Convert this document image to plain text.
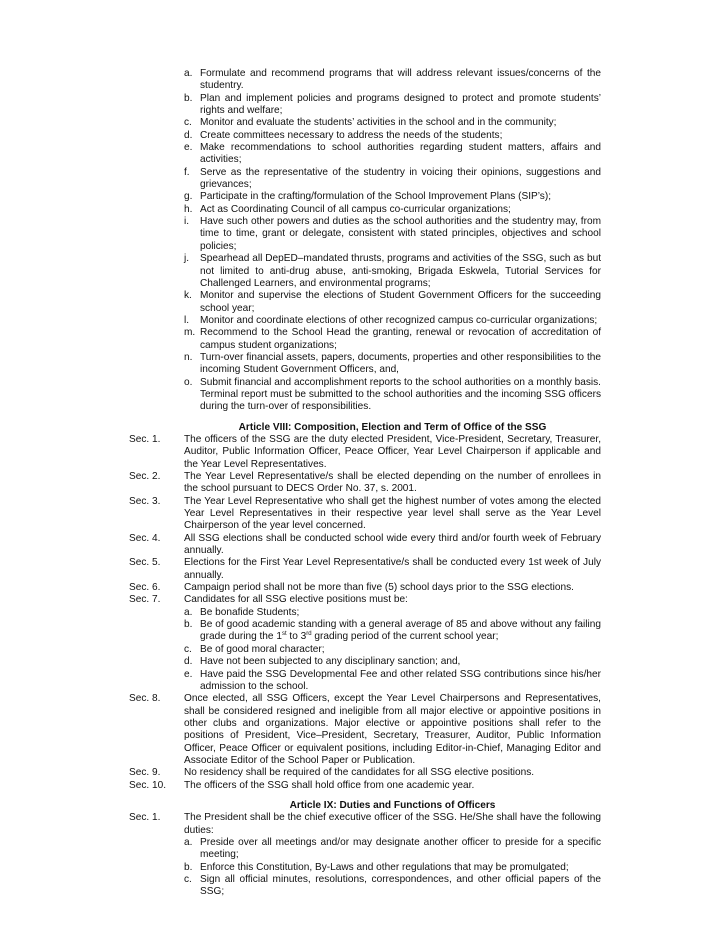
a. Formulate and recommend programs that will address relevant issues/concerns of the studentry.
b. Plan and implement policies and programs designed to protect and promote students’ rights and welfare;
c. Monitor and evaluate the students’ activities in the school and in the community;
d. Create committees necessary to address the needs of the students;
e. Make recommendations to school authorities regarding student matters, affairs and activities;
f. Serve as the representative of the studentry in voicing their opinions, suggestions and grievances;
g. Participate in the crafting/formulation of the School Improvement Plans (SIP’s);
h. Act as Coordinating Council of all campus co-curricular organizations;
i. Have such other powers and duties as the school authorities and the studentry may, from time to time, grant or delegate, consistent with stated principles, objectives and school policies;
j. Spearhead all DepED–mandated thrusts, programs and activities of the SSG, such as but not limited to anti-drug abuse, anti-smoking, Brigada Eskwela, Tutorial Services for Challenged Learners, and environmental programs;
k. Monitor and supervise the elections of Student Government Officers for the succeeding school year;
l. Monitor and coordinate elections of other recognized campus co-curricular organizations;
m. Recommend to the School Head the granting, renewal or revocation of accreditation of campus student organizations;
n. Turn-over financial assets, papers, documents, properties and other responsibilities to the incoming Student Government Officers, and,
o. Submit financial and accomplishment reports to the school authorities on a monthly basis. Terminal report must be submitted to the school authorities and the incoming SSG officers during the turn-over of responsibilities.
Article VIII: Composition, Election and Term of Office of the SSG
Sec. 1. The officers of the SSG are the duty elected President, Vice-President, Secretary, Treasurer, Auditor, Public Information Officer, Peace Officer, Year Level Chairperson if applicable and the Year Level Representatives.
Sec. 2. The Year Level Representative/s shall be elected depending on the number of enrollees in the school pursuant to DECS Order No. 37, s. 2001.
Sec. 3. The Year Level Representative who shall get the highest number of votes among the elected Year Level Representatives in their respective year level shall serve as the Year Level Chairperson of the year level concerned.
Sec. 4. All SSG elections shall be conducted school wide every third and/or fourth week of February annually.
Sec. 5. Elections for the First Year Level Representative/s shall be conducted every 1st week of July annually.
Sec. 6. Campaign period shall not be more than five (5) school days prior to the SSG elections.
Sec. 7. Candidates for all SSG elective positions must be:
a. Be bonafide Students;
b. Be of good academic standing with a general average of 85 and above without any failing grade during the 1st to 3rd grading period of the current school year;
c. Be of good moral character;
d. Have not been subjected to any disciplinary sanction; and,
e. Have paid the SSG Developmental Fee and other related SSG contributions since his/her admission to the school.
Sec. 8. Once elected, all SSG Officers, except the Year Level Chairpersons and Representatives, shall be considered resigned and ineligible from all major elective or appointive positions in other clubs and organizations. Major elective or appointive positions shall refer to the positions of President, Vice–President, Secretary, Treasurer, Auditor, Public Information Officer, Peace Officer or equivalent positions, including Editor-in-Chief, Managing Editor and Associate Editor of the School Paper or Publication.
Sec. 9. No residency shall be required of the candidates for all SSG elective positions.
Sec. 10. The officers of the SSG shall hold office from one academic year.
Article IX: Duties and Functions of Officers
Sec. 1. The President shall be the chief executive officer of the SSG. He/She shall have the following duties:
a. Preside over all meetings and/or may designate another officer to preside for a specific meeting;
b. Enforce this Constitution, By-Laws and other regulations that may be promulgated;
c. Sign all official minutes, resolutions, correspondences, and other official papers of the SSG;
